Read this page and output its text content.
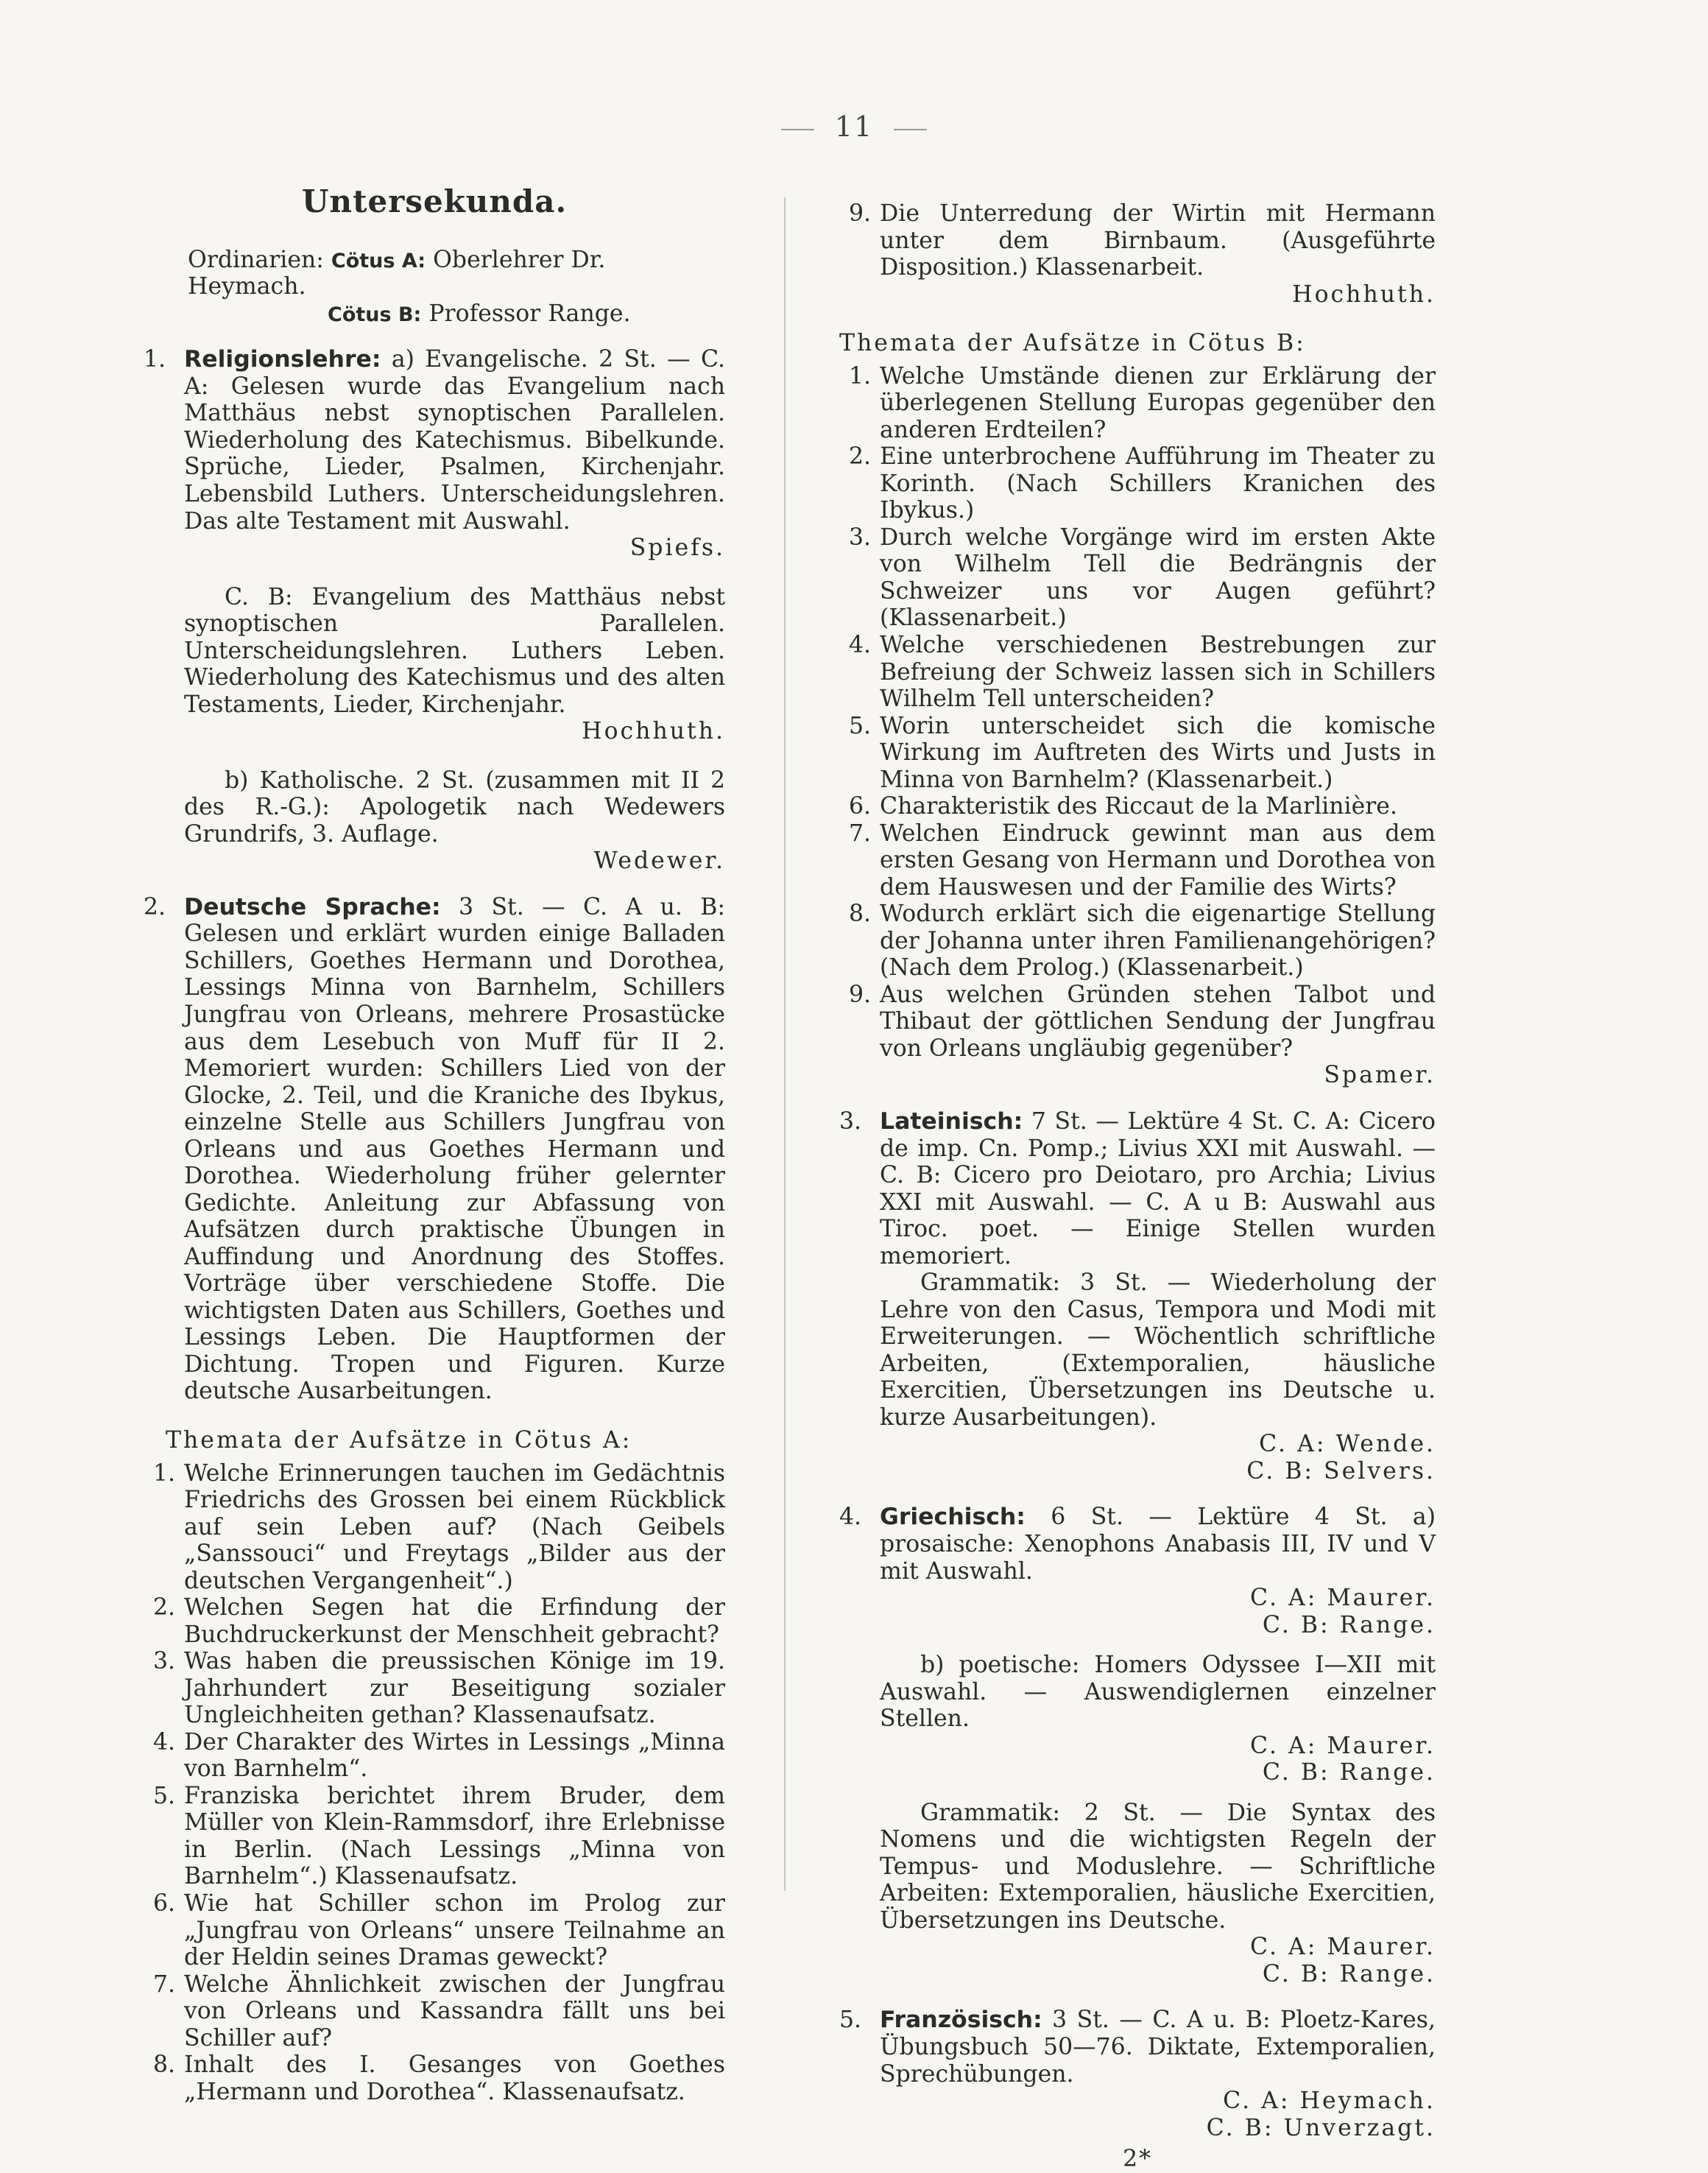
11
Untersekunda.
Ordinarien: Cötus A: Oberlehrer Dr. Heymach.
Cötus B: Professor Range.
1. Religionslehre: a) Evangelische. 2 St. — C. A: Gelesen wurde das Evangelium nach Matthäus nebst synoptischen Parallelen. Wiederholung des Katechismus. Bibelkunde. Sprüche, Lieder, Psalmen, Kirchenjahr. Lebensbild Luthers. Unterscheidungslehren. Das alte Testament mit Auswahl.
Spiefs.

C. B: Evangelium des Matthäus nebst synoptischen Parallelen. Unterscheidungslehren. Luthers Leben. Wiederholung des Katechismus und des alten Testaments, Lieder, Kirchenjahr.

Hochhuth.

b) Katholische. 2 St. (zusammen mit II 2 des R.-G.): Apologetik nach Wedewers Grundrifs, 3. Auflage.

Wedewer.
2. Deutsche Sprache: 3 St. — C. A u. B: Gelesen und erklärt wurden einige Balladen Schillers, Goethes Hermann und Dorothea, Lessings Minna von Barnhelm, Schillers Jungfrau von Orleans, mehrere Prosastücke aus dem Lesebuch von Muff für II 2. Memoriert wurden: Schillers Lied von der Glocke, 2. Teil, und die Kraniche des Ibykus, einzelne Stelle aus Schillers Jungfrau von Orleans und aus Goethes Hermann und Dorothea. Wiederholung früher gelernter Gedichte. Anleitung zur Abfassung von Aufsätzen durch praktische Übungen in Auffindung und Anordnung des Stoffes. Vorträge über verschiedene Stoffe. Die wichtigsten Daten aus Schillers, Goethes und Lessings Leben. Die Hauptformen der Dichtung. Tropen und Figuren. Kurze deutsche Ausarbeitungen.
Themata der Aufsätze in Cötus A:
1. Welche Erinnerungen tauchen im Gedächtnis Friedrichs des Grossen bei einem Rückblick auf sein Leben auf? (Nach Geibels „Sanssouci“ und Freytags „Bilder aus der deutschen Vergangenheit“.)
2. Welchen Segen hat die Erfindung der Buchdruckerkunst der Menschheit gebracht?
3. Was haben die preussischen Könige im 19. Jahrhundert zur Beseitigung sozialer Ungleichheiten gethan? Klassenaufsatz.
4. Der Charakter des Wirtes in Lessings „Minna von Barnhelm“.
5. Franziska berichtet ihrem Bruder, dem Müller von Klein-Rammsdorf, ihre Erlebnisse in Berlin. (Nach Lessings „Minna von Barnhelm“.) Klassenaufsatz.
6. Wie hat Schiller schon im Prolog zur „Jungfrau von Orleans“ unsere Teilnahme an der Heldin seines Dramas geweckt?
7. Welche Ähnlichkeit zwischen der Jungfrau von Orleans und Kassandra fällt uns bei Schiller auf?
8. Inhalt des I. Gesanges von Goethes „Hermann und Dorothea“. Klassenaufsatz.
9. Die Unterredung der Wirtin mit Hermann unter dem Birnbaum. (Ausgeführte Disposition.) Klassenarbeit.
Hochhuth.
Themata der Aufsätze in Cötus B:
1. Welche Umstände dienen zur Erklärung der überlegenen Stellung Europas gegenüber den anderen Erdteilen?
2. Eine unterbrochene Aufführung im Theater zu Korinth. (Nach Schillers Kranichen des Ibykus.)
3. Durch welche Vorgänge wird im ersten Akte von Wilhelm Tell die Bedrängnis der Schweizer uns vor Augen geführt? (Klassenarbeit.)
4. Welche verschiedenen Bestrebungen zur Befreiung der Schweiz lassen sich in Schillers Wilhelm Tell unterscheiden?
5. Worin unterscheidet sich die komische Wirkung im Auftreten des Wirts und Justs in Minna von Barnhelm? (Klassenarbeit.)
6. Charakteristik des Riccaut de la Marlinière.
7. Welchen Eindruck gewinnt man aus dem ersten Gesang von Hermann und Dorothea von dem Hauswesen und der Familie des Wirts?
8. Wodurch erklärt sich die eigenartige Stellung der Johanna unter ihren Familienangehörigen? (Nach dem Prolog.) (Klassenarbeit.)
9. Aus welchen Gründen stehen Talbot und Thibaut der göttlichen Sendung der Jungfrau von Orleans ungläubig gegenüber?
Spamer.
3. Lateinisch: 7 St. — Lektüre 4 St. C. A: Cicero de imp. Cn. Pomp.; Livius XXI mit Auswahl. — C. B: Cicero pro Deiotaro, pro Archia; Livius XXI mit Auswahl. — C. A u B: Auswahl aus Tiroc. poet. — Einige Stellen wurden memoriert.

Grammatik: 3 St. — Wiederholung der Lehre von den Casus, Tempora und Modi mit Erweiterungen. — Wöchentlich schriftliche Arbeiten, (Extemporalien, häusliche Exercitien, Übersetzungen ins Deutsche u. kurze Ausarbeitungen).

C. A: Wende.
C. B: Selvers.
4. Griechisch: 6 St. — Lektüre 4 St. a) prosaische: Xenophons Anabasis III, IV und V mit Auswahl.
C. A: Maurer.
C. B: Range.

b) poetische: Homers Odyssee I—XII mit Auswahl. — Auswendiglernen einzelner Stellen.

C. A: Maurer.
C. B: Range.

Grammatik: 2 St. — Die Syntax des Nomens und die wichtigsten Regeln der Tempus- und Moduslehre. — Schriftliche Arbeiten: Extemporalien, häusliche Exercitien, Übersetzungen ins Deutsche.

C. A: Maurer.
C. B: Range.
5. Französisch: 3 St. — C. A u. B: Ploetz-Kares, Übungsbuch 50—76. Diktate, Extemporalien, Sprechübungen.
C. A: Heymach.
C. B: Unverzagt.
2*
